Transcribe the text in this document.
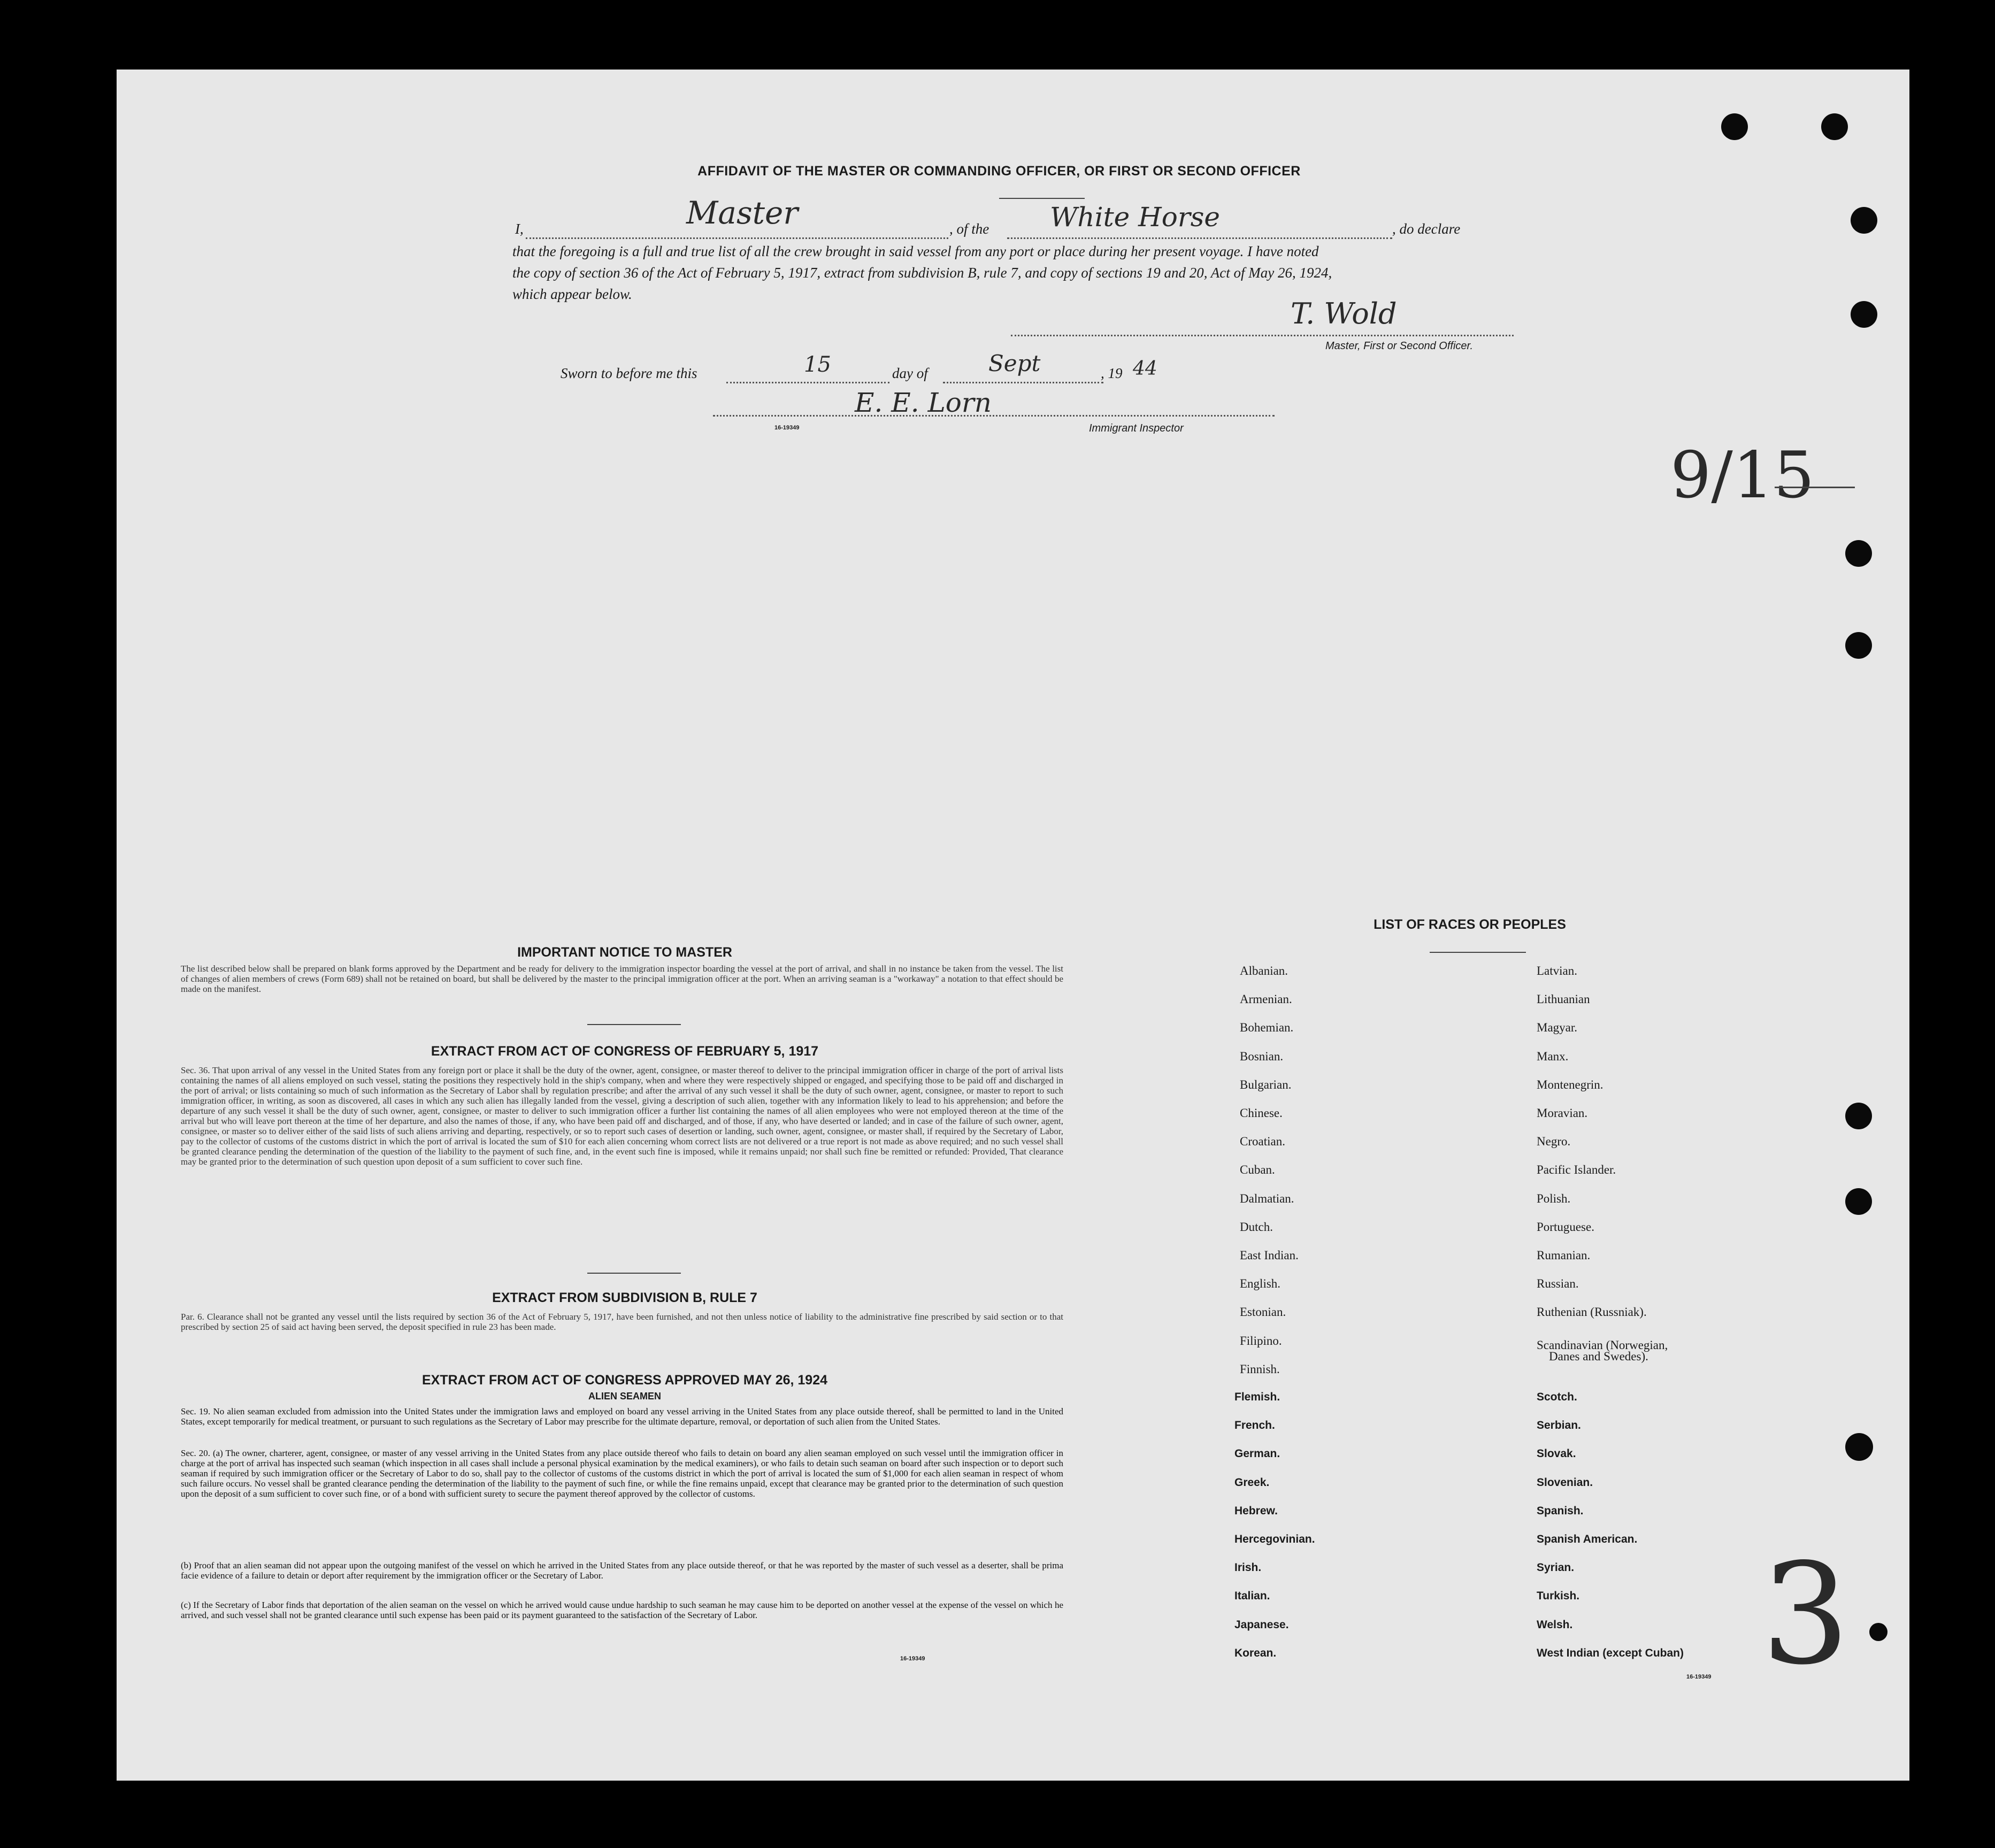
AFFIDAVIT OF THE MASTER OR COMMANDING OFFICER, OR FIRST OR SECOND OFFICER
I,	Master	, of the White Horse	, do declare
that the foregoing is a full and true list of all the crew brought in said vessel from any port or place during her present voyage. I have noted
the copy of section 36 of the Act of February 5, 1917, extract from subdivision B, rule 7, and copy of sections 19 and 20, Act of May 26, 1924,
which appear below.
T. Wold
Master, First or Second Officer.
Sworn to before me this	15	day of	Sept	, 19 44
E. E. Lorn
16-19349	Immigrant Inspector
9/15
IMPORTANT NOTICE TO MASTER
The list described below shall be prepared on blank forms approved by the Department and be ready for delivery to the immigration inspector boarding the vessel at the port of arrival, and shall in no instance be taken from the vessel. The list of changes of alien members of crews (Form 689) shall not be retained on board, but shall be delivered by the master to the principal immigration officer at the port. When an arriving seaman is a "workaway" a notation to that effect should be made on the manifest.
EXTRACT FROM ACT OF CONGRESS OF FEBRUARY 5, 1917
Sec. 36. That upon arrival of any vessel in the United States from any foreign port or place it shall be the duty of the owner, agent, consignee, or master thereof to deliver to the principal immigration officer in charge of the port of arrival lists containing the names of all aliens employed on such vessel, stating the positions they respectively hold in the ship's company, when and where they were respectively shipped or engaged, and specifying those to be paid off and discharged in the port of arrival; or lists containing so much of such information as the Secretary of Labor shall by regulation prescribe; and after the arrival of any such vessel it shall be the duty of such owner, agent, consignee, or master to report to such immigration officer, in writing, as soon as discovered, all cases in which any such alien has illegally landed from the vessel, giving a description of such alien, together with any information likely to lead to his apprehension; and before the departure of any such vessel it shall be the duty of such owner, agent, consignee, or master to deliver to such immigration officer a further list containing the names of all alien employees who were not employed thereon at the time of the arrival but who will leave port thereon at the time of her departure, and also the names of those, if any, who have been paid off and discharged, and of those, if any, who have deserted or landed; and in case of the failure of such owner, agent, consignee, or master so to deliver either of the said lists of such aliens arriving and departing, respectively, or so to report such cases of desertion or landing, such owner, agent, consignee, or master shall, if required by the Secretary of Labor, pay to the collector of customs of the customs district in which the port of arrival is located the sum of $10 for each alien concerning whom correct lists are not delivered or a true report is not made as above required; and no such vessel shall be granted clearance pending the determination of the question of the liability to the payment of such fine, and, in the event such fine is imposed, while it remains unpaid; nor shall such fine be remitted or refunded: Provided, That clearance may be granted prior to the determination of such question upon deposit of a sum sufficient to cover such fine.
EXTRACT FROM SUBDIVISION B, RULE 7
Par. 6. Clearance shall not be granted any vessel until the lists required by section 36 of the Act of February 5, 1917, have been furnished, and not then unless notice of liability to the administrative fine prescribed by said section or to that prescribed by section 25 of said act having been served, the deposit specified in rule 23 has been made.
EXTRACT FROM ACT OF CONGRESS APPROVED MAY 26, 1924
ALIEN SEAMEN
Sec. 19. No alien seaman excluded from admission into the United States under the immigration laws and employed on board any vessel arriving in the United States from any place outside thereof, shall be permitted to land in the United States, except temporarily for medical treatment, or pursuant to such regulations as the Secretary of Labor may prescribe for the ultimate departure, removal, or deportation of such alien from the United States.
Sec. 20. (a) The owner, charterer, agent, consignee, or master of any vessel arriving in the United States from any place outside thereof who fails to detain on board any alien seaman employed on such vessel until the immigration officer in charge at the port of arrival has inspected such seaman (which inspection in all cases shall include a personal physical examination by the medical examiners), or who fails to detain such seaman on board after such inspection or to deport such seaman if required by such immigration officer or the Secretary of Labor to do so, shall pay to the collector of customs of the customs district in which the port of arrival is located the sum of $1,000 for each alien seaman in respect of whom such failure occurs. No vessel shall be granted clearance pending the determination of the liability to the payment of such fine, or while the fine remains unpaid, except that clearance may be granted prior to the determination of such question upon the deposit of a sum sufficient to cover such fine, or of a bond with sufficient surety to secure the payment thereof approved by the collector of customs.
(b) Proof that an alien seaman did not appear upon the outgoing manifest of the vessel on which he arrived in the United States from any place outside thereof, or that he was reported by the master of such vessel as a deserter, shall be prima facie evidence of a failure to detain or deport after requirement by the immigration officer or the Secretary of Labor.
(c) If the Secretary of Labor finds that deportation of the alien seaman on the vessel on which he arrived would cause undue hardship to such seaman he may cause him to be deported on another vessel at the expense of the vessel on which he arrived, and such vessel shall not be granted clearance until such expense has been paid or its payment guaranteed to the satisfaction of the Secretary of Labor.
16-19349
LIST OF RACES OR PEOPLES
16-19349 3
Albanian.
Armenian.
Bohemian.
Bosnian.
Bulgarian.
Chinese.
Croatian.
Cuban.
Dalmatian.
Dutch.
East Indian.
English.
Estonian.
Filipino.
Finnish.
Flemish.
French.
German.
Greek.
Hebrew.
Hercegovinian.
Irish.
Italian.
Japanese.
Korean.
Latvian.
Lithuanian
Magyar.
Manx.
Montenegrin.
Moravian.
Negro.
Pacific Islander.
Polish.
Portuguese.
Rumanian.
Russian.
Ruthenian (Russniak).
Scandinavian (Norwegian,
Danes and Swedes).
Scotch.
Serbian.
Slovak.
Slovenian.
Spanish.
Spanish American.
Syrian.
Turkish.
Welsh.
West Indian (except Cuban)
